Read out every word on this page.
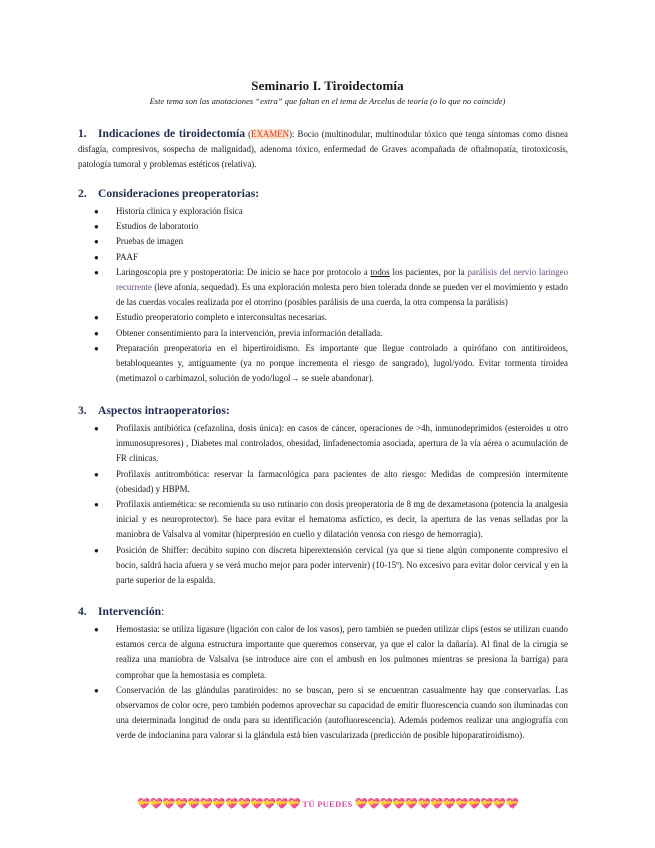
Seminario I. Tiroidectomía
Este tema son las anotaciones “extra” que faltan en el tema de Arcelus de teoría (o lo que no coincide)

1. Indicaciones de tiroidectomía (EXAMEN): Bocio (multinodular, multinodular tóxico que tenga síntomas como disnea disfagia, compresivos, sospecha de malignidad), adenoma tóxico, enfermedad de Graves acompañada de oftalmopatía, tirotoxicosis, patología tumoral y problemas estéticos (relativa).

2. Consideraciones preoperatorias:
● Historia clínica y exploración física
● Estudios de laboratorio
● Pruebas de imagen
● PAAF
● Laringoscopia pre y postoperatoria: De inicio se hace por protocolo a todos los pacientes, por la parálisis del nervio laríngeo recurrente (leve afonía, sequedad). Es una exploración molesta pero bien tolerada donde se pueden ver el movimiento y estado de las cuerdas vocales realizada por el otorrino (posibles parálisis de una cuerda, la otra compensa la parálisis)
● Estudio preoperatorio completo e interconsultas necesarias.
● Obtener consentimiento para la intervención, previa información detallada.
● Preparación preoperatoria en el hipertiroidismo. Es importante que llegue controlado a quirófano con antitiroideos, betabloqueantes y, antiguamente (ya no porque incrementa el riesgo de sangrado), lugol/yodo. Evitar tormenta tiroidea (metimazol o carbimazol, solución de yodo/lugol→ se suele abandonar).
3. Aspectos intraoperatorios:
● Profilaxis antibiótica (cefazolina, dosis única): en casos de cáncer, operaciones de >4h, inmunodeprimidos (esteroides u otro inmunosupresores) , Diabetes mal controlados, obesidad, linfadenectomía asociada, apertura de la vía aérea o acumulación de FR clínicas.
● Profilaxis antitrombótica: reservar la farmacológica para pacientes de alto riesgo: Medidas de compresión intermitente (obesidad) y HBPM.
● Profilaxis antiemética: se recomienda su uso rutinario con dosis preoperatoria de 8 mg de dexametasona (potencia la analgesia inicial y es neuroprotector). Se hace para evitar el hematoma asfíctico, es decir, la apertura de las venas selladas por la maniobra de Valsalva al vomitar (hiperpresión en cuello y dilatación venosa con riesgo de hemorragia).
● Posición de Shiffer: decúbito supino con discreta hiperextensión cervical (ya que si tiene algún componente compresivo el bocio, saldrá hacia afuera y se verá mucho mejor para poder intervenir) (10-15º). No excesivo para evitar dolor cervical y en la parte superior de la espalda.
4. Intervención:
● Hemostasia: se utiliza ligasure (ligación con calor de los vasos), pero también se pueden utilizar clips (estos se utilizan cuando estamos cerca de alguna estructura importante que queremos conservar, ya que el calor la dañaría). Al final de la cirugía se realiza una maniobra de Valsalva (se introduce aire con el ambush en los pulmones mientras se presiona la barriga) para comprobar que la hemostasia es completa.
● Conservación de las glándulas paratiroides: no se buscan, pero si se encuentran casualmente hay que conservarlas. Las observamos de color ocre, pero también podemos aprovechar su capacidad de emitir fluorescencia cuando son iluminadas con una determinada longitud de onda para su identificación (autofluorescencia). Además podemos realizar una angiografía con verde de indocianina para valorar si la glándula está bien vascularizada (predicción de posible hipoparatiroidismo).
💝💝💝💝💝💝💝💝💝💝💝💝💝 TÚ PUEDES 💝💝💝💝💝💝💝💝💝💝💝💝💝
